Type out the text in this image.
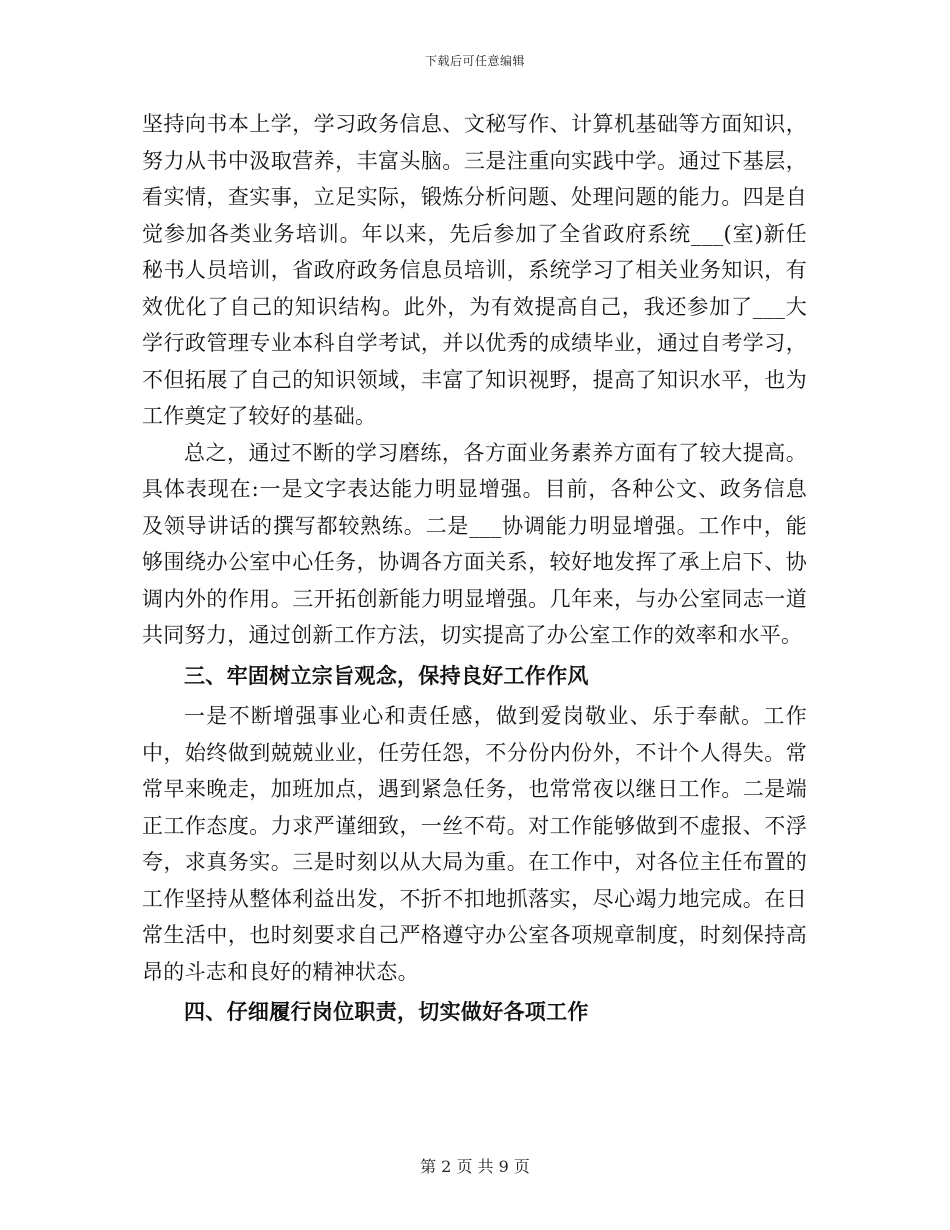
下载后可任意编辑

坚持向书本上学，学习政务信息、文秘写作、计算机基础等方面知识，努力从书中汲取营养，丰富头脑。三是注重向实践中学。通过下基层，看实情，查实事，立足实际，锻炼分析问题、处理问题的能力。四是自觉参加各类业务培训。年以来，先后参加了全省政府系统___(室)新任秘书人员培训，省政府政务信息员培训，系统学习了相关业务知识，有效优化了自己的知识结构。此外，为有效提高自己，我还参加了___大学行政管理专业本科自学考试，并以优秀的成绩毕业，通过自考学习，不但拓展了自己的知识领域，丰富了知识视野，提高了知识水平，也为工作奠定了较好的基础。

总之，通过不断的学习磨练，各方面业务素养方面有了较大提高。具体表现在:一是文字表达能力明显增强。目前，各种公文、政务信息及领导讲话的撰写都较熟练。二是___协调能力明显增强。工作中，能够围绕办公室中心任务，协调各方面关系，较好地发挥了承上启下、协调内外的作用。三开拓创新能力明显增强。几年来，与办公室同志一道共同努力，通过创新工作方法，切实提高了办公室工作的效率和水平。

三、牢固树立宗旨观念，保持良好工作作风

一是不断增强事业心和责任感，做到爱岗敬业、乐于奉献。工作中，始终做到兢兢业业，任劳任怨，不分份内份外，不计个人得失。常常早来晚走，加班加点，遇到紧急任务，也常常夜以继日工作。二是端正工作态度。力求严谨细致，一丝不苟。对工作能够做到不虚报、不浮夸，求真务实。三是时刻以从大局为重。在工作中，对各位主任布置的工作坚持从整体利益出发，不折不扣地抓落实，尽心竭力地完成。在日常生活中，也时刻要求自己严格遵守办公室各项规章制度，时刻保持高昂的斗志和良好的精神状态。

四、仔细履行岗位职责，切实做好各项工作

第 2 页 共 9 页
